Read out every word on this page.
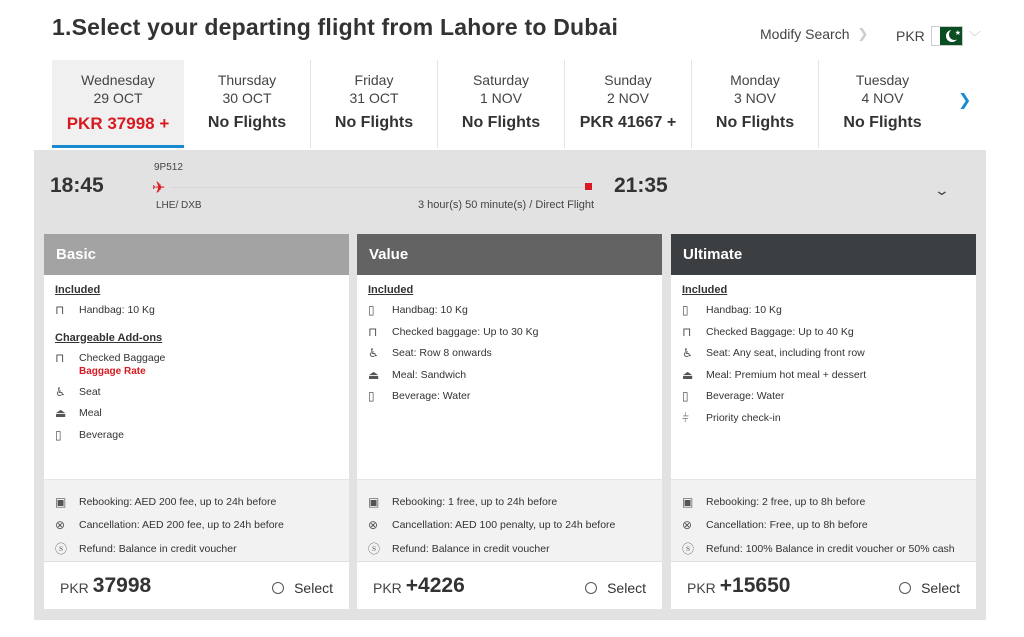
1.Select your departing flight from Lahore to Dubai	Modify Search ❯ PKR	★ ﹀
❯
Wednesday
29 OCT
PKR 37998 +
Thursday
30 OCT
No Flights
Friday
31 OCT
No Flights
Saturday
1 NOV
No Flights
Sunday
2 NOV
PKR 41667 +
Monday
3 NOV
No Flights
Tuesday
4 NOV
No Flights
18:45
9P512
✈
LHE/ DXB	3 hour(s) 50 minute(s) / Direct Flight
21:35	⌄
Basic
Included
⊓	Handbag: 10 Kg
Chargeable Add-ons
⊓	Checked Baggage
Baggage Rate
♿	Seat
⏏	Meal
▯	Beverage
▣	Rebooking: AED 200 fee, up to 24h before
⊗	Cancellation: AED 200 fee, up to 24h before
ⓢ	Refund: Balance in credit voucher
PKR 37998	Select
Value
Included
▯	Handbag: 10 Kg
⊓	Checked baggage: Up to 30 Kg
♿	Seat: Row 8 onwards
⏏	Meal: Sandwich
▯	Beverage: Water
▣	Rebooking: 1 free, up to 24h before
⊗	Cancellation: AED 100 penalty, up to 24h before
ⓢ	Refund: Balance in credit voucher
PKR +4226	Select
Ultimate
Included
▯	Handbag: 10 Kg
⊓	Checked Baggage: Up to 40 Kg
♿	Seat: Any seat, including front row
⏏	Meal: Premium hot meal + dessert
▯	Beverage: Water
⫩	Priority check-in
▣	Rebooking: 2 free, up to 8h before
⊗	Cancellation: Free, up to 8h before
ⓢ	Refund: 100% Balance in credit voucher or 50% cash
PKR +15650	Select
